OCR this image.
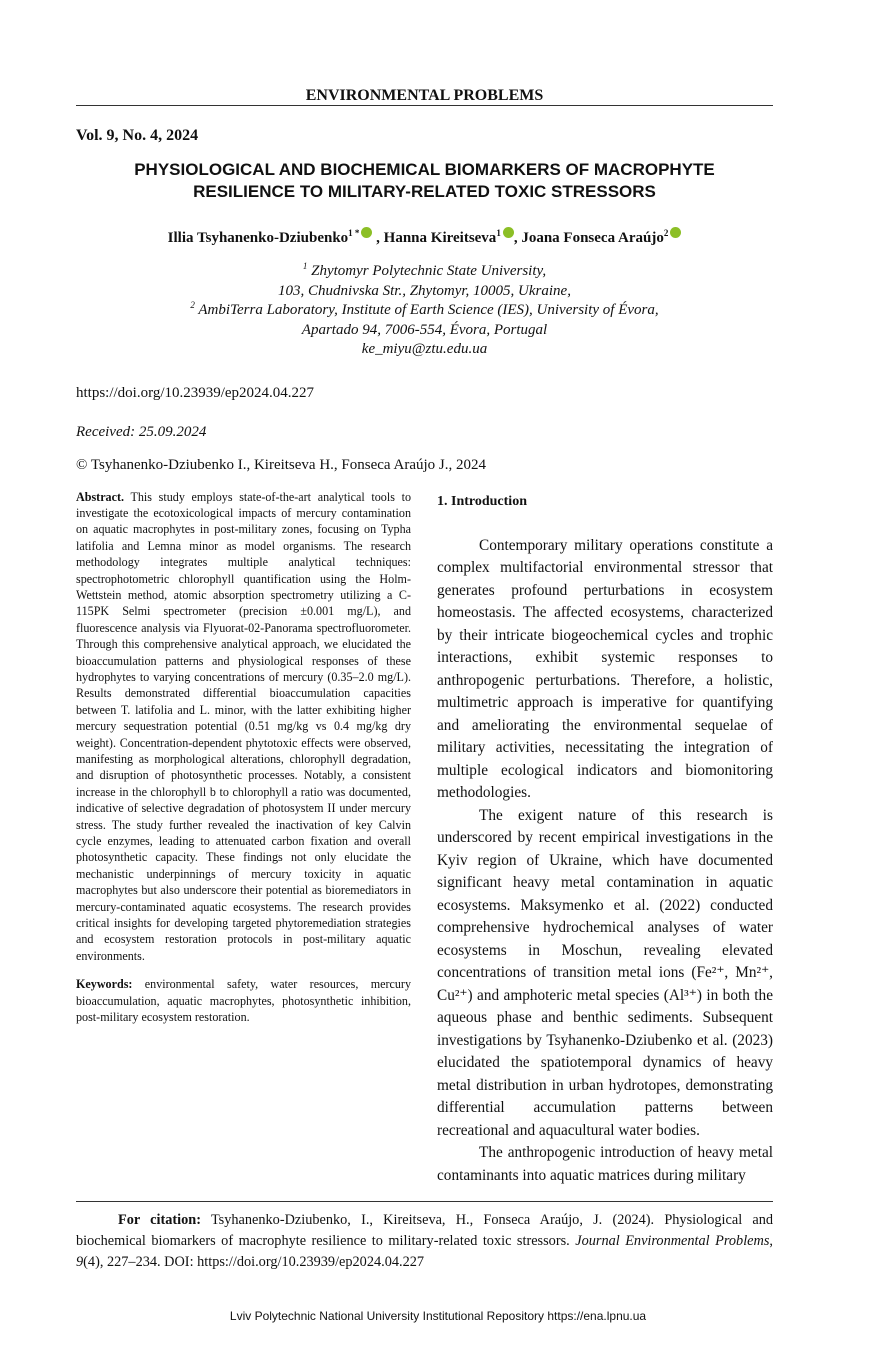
ENVIRONMENTAL PROBLEMS
Vol. 9, No. 4, 2024
PHYSIOLOGICAL AND BIOCHEMICAL BIOMARKERS OF MACROPHYTE RESILIENCE TO MILITARY-RELATED TOXIC STRESSORS
Illia Tsyhanenko-Dziubenko$^{1 *}$ , Hanna Kireitseva$^1$ , Joana Fonseca Araújo$^2$
$^1$ Zhytomyr Polytechnic State University,
103, Chudnivska Str., Zhytomyr, 10005, Ukraine,
$^2$ AmbiTerra Laboratory, Institute of Earth Science (IES), University of Évora,
Apartado 94, 7006-554, Évora, Portugal
ke_miyu@ztu.edu.ua
https://doi.org/10.23939/ep2024.04.227
Received: 25.09.2024
© Tsyhanenko-Dziubenko I., Kireitseva H., Fonseca Araújo J., 2024

Abstract. This study employs state-of-the-art analytical tools to investigate the ecotoxicological impacts of mercury contamination on aquatic macrophytes in post-military zones, focusing on Typha latifolia and Lemna minor as model organisms. The research methodology integrates multiple analytical techniques: spectrophotometric chlorophyll quantification using the Holm-Wettstein method, atomic absorption spectrometry utilizing a C-115PK Selmi spectrometer (precision ±0.001 mg/L), and fluorescence analysis via Flyuorat-02-Panorama spectrofluorometer. Through this comprehensive analytical approach, we elucidated the bioaccumulation patterns and physiological responses of these hydrophytes to varying concentrations of mercury (0.35–2.0 mg/L). Results demonstrated differential bioaccumulation capacities between T. latifolia and L. minor, with the latter exhibiting higher mercury sequestration potential (0.51 mg/kg vs 0.4 mg/kg dry weight). Concentration-dependent phytotoxic effects were observed, manifesting as morphological alterations, chlorophyll degradation, and disruption of photosynthetic processes. Notably, a consistent increase in the chlorophyll b to chlorophyll a ratio was documented, indicative of selective degradation of photosystem II under mercury stress. The study further revealed the inactivation of key Calvin cycle enzymes, leading to attenuated carbon fixation and overall photosynthetic capacity. These findings not only elucidate the mechanistic underpinnings of mercury toxicity in aquatic macrophytes but also underscore their potential as bioremediators in mercury-contaminated aquatic ecosystems. The research provides critical insights for developing targeted phytoremediation strategies and ecosystem restoration protocols in post-military aquatic environments.

Keywords: environmental safety, water resources, mercury bioaccumulation, aquatic macrophytes, photosynthetic inhibition, post-military ecosystem restoration.

1. Introduction

Contemporary military operations constitute a complex multifactorial environmental stressor that generates profound perturbations in ecosystem homeostasis. The affected ecosystems, characterized by their intricate biogeochemical cycles and trophic interactions, exhibit systemic responses to anthropogenic perturbations. Therefore, a holistic, multimetric approach is imperative for quantifying and ameliorating the environmental sequelae of military activities, necessitating the integration of multiple ecological indicators and biomonitoring methodologies.

The exigent nature of this research is underscored by recent empirical investigations in the Kyiv region of Ukraine, which have documented significant heavy metal contamination in aquatic ecosystems. Maksymenko et al. (2022) conducted comprehensive hydrochemical analyses of water ecosystems in Moschun, revealing elevated concentrations of transition metal ions (Fe²⁺, Mn²⁺, Cu²⁺) and amphoteric metal species (Al³⁺) in both the aqueous phase and benthic sediments. Subsequent investigations by Tsyhanenko-Dziubenko et al. (2023) elucidated the spatiotemporal dynamics of heavy metal distribution in urban hydrotopes, demonstrating differential accumulation patterns between recreational and aquacultural water bodies.

The anthropogenic introduction of heavy metal contaminants into aquatic matrices during military

For citation: Tsyhanenko-Dziubenko, I., Kireitseva, H., Fonseca Araújo, J. (2024). Physiological and biochemical biomarkers of macrophyte resilience to military-related toxic stressors. Journal Environmental Problems, 9(4), 227–234. DOI: https://doi.org/10.23939/ep2024.04.227
Lviv Polytechnic National University Institutional Repository https://ena.lpnu.ua
